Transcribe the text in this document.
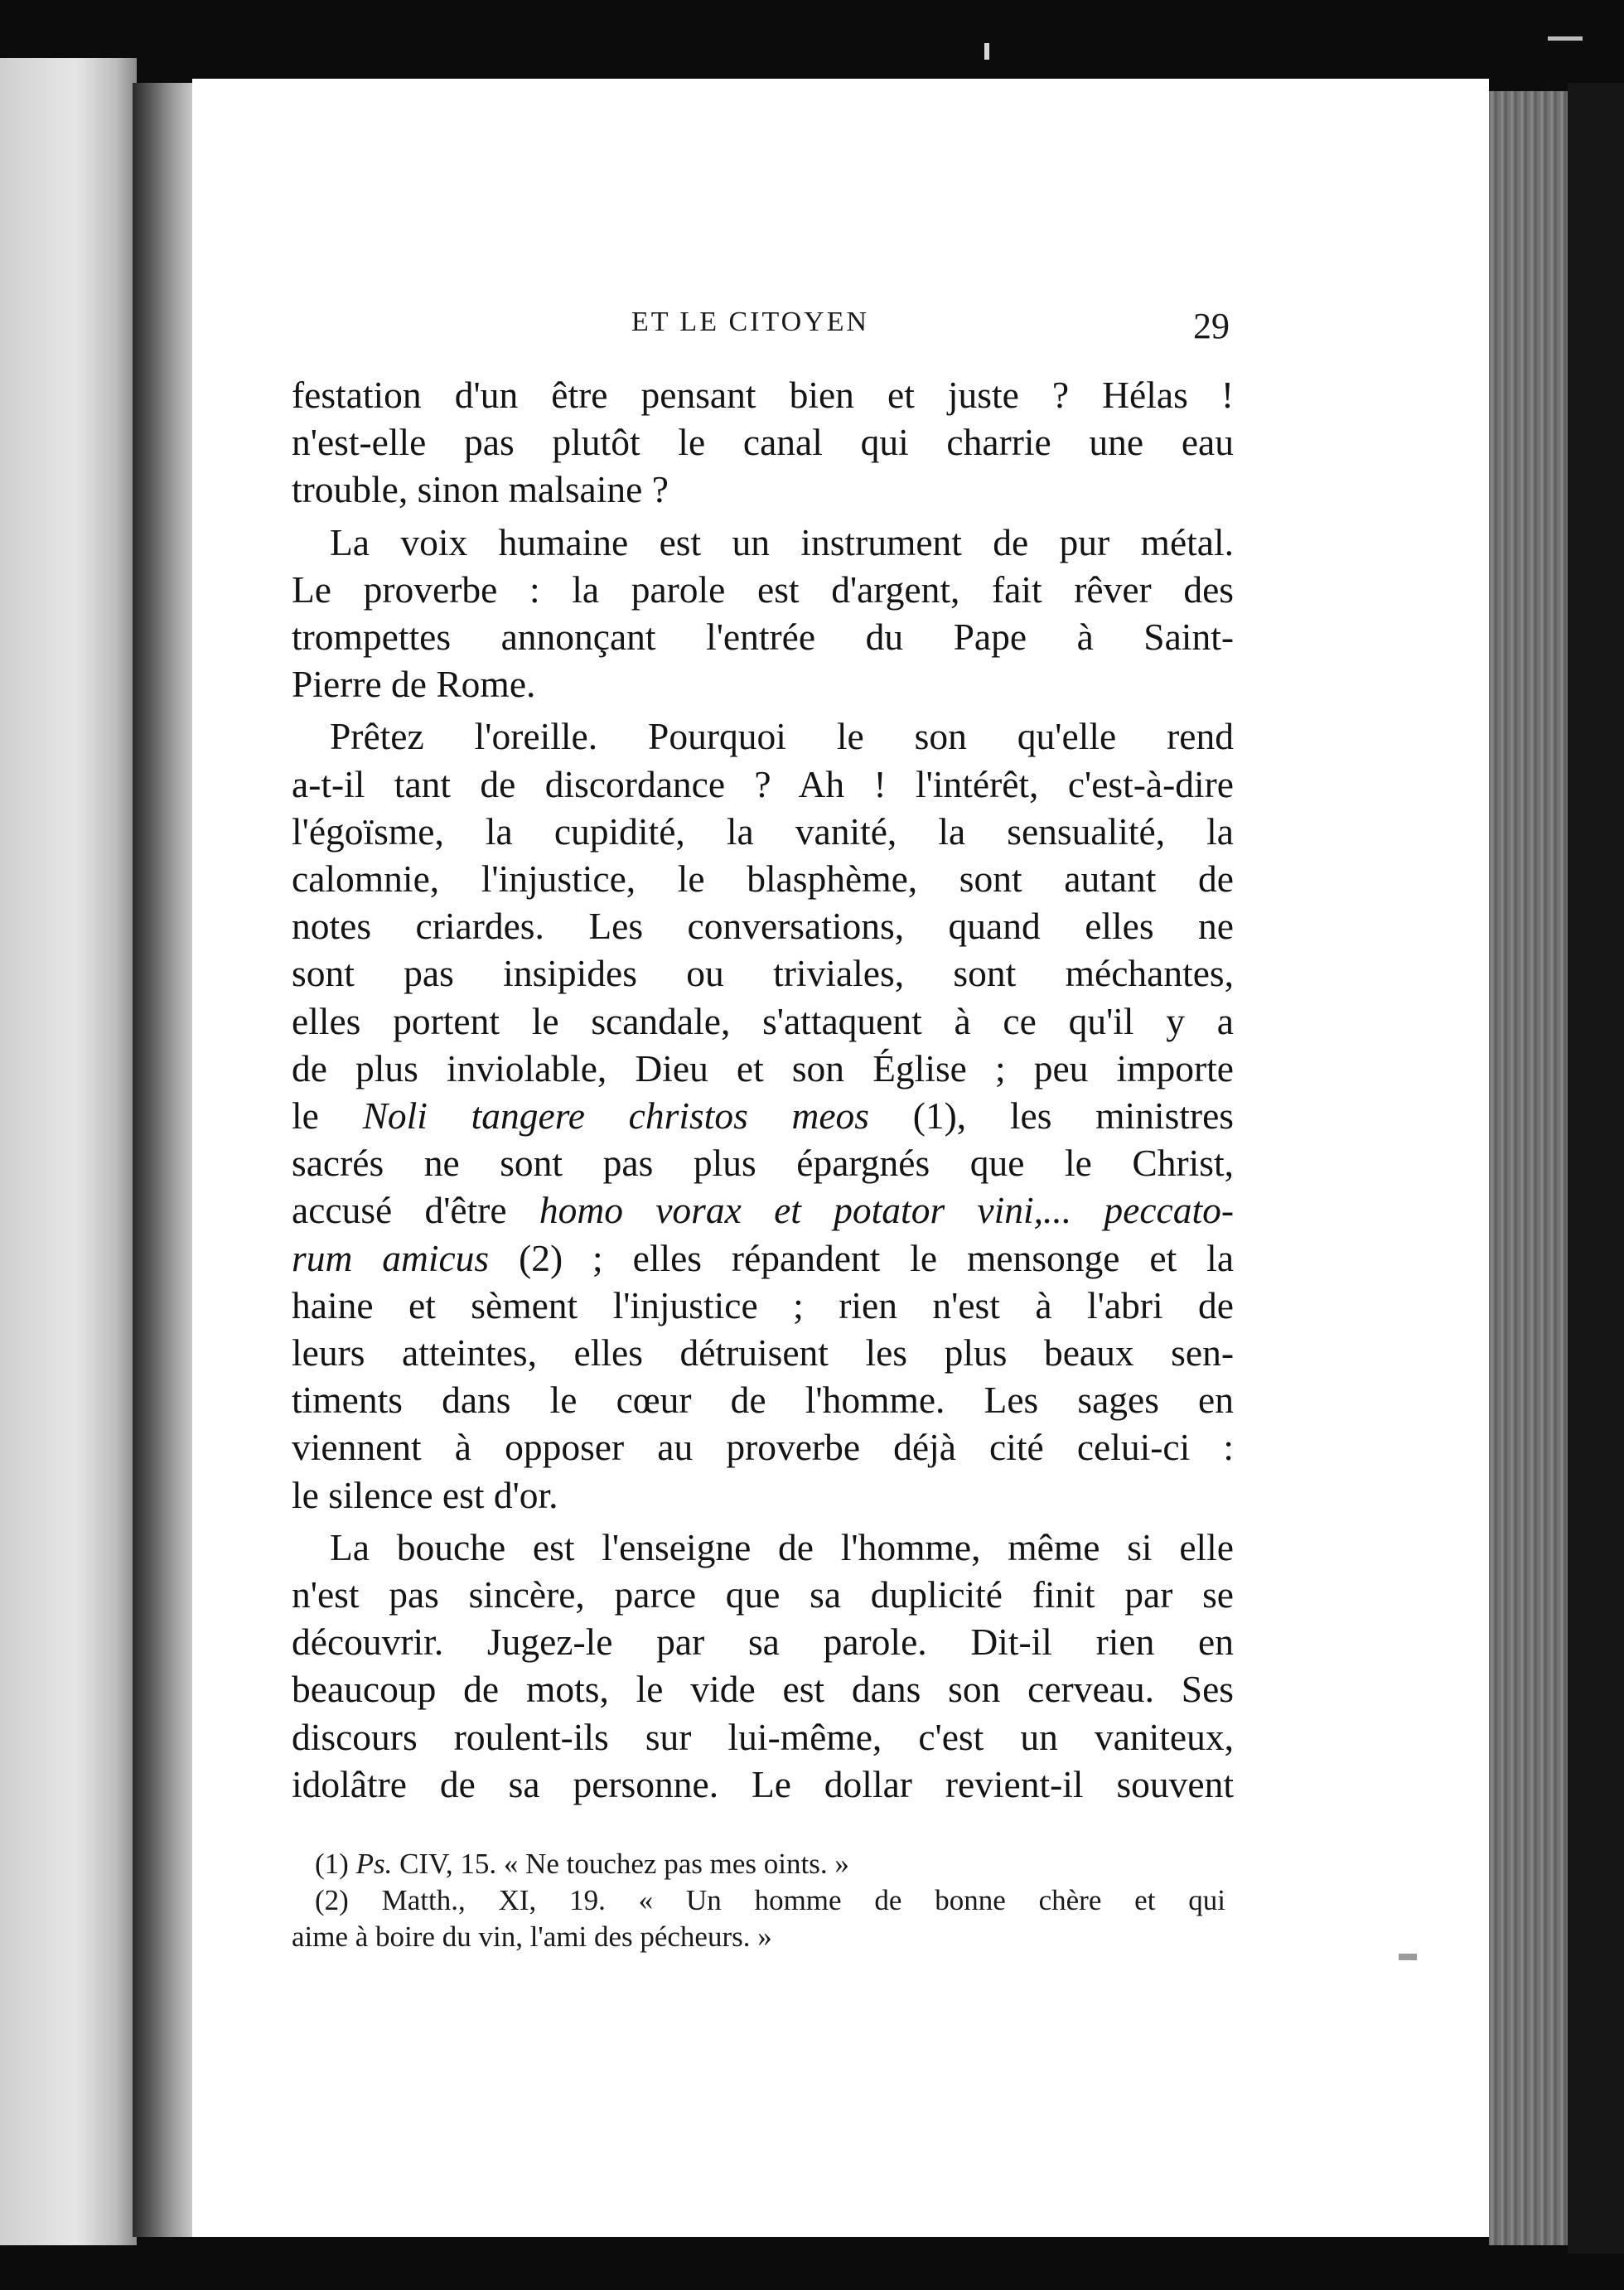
ET LE CITOYEN	29
festation d'un être pensant bien et juste ? Hélas !
n'est-elle pas plutôt le canal qui charrie une eau
trouble, sinon malsaine ?
La voix humaine est un instrument de pur métal.
Le proverbe : la parole est d'argent, fait rêver des
trompettes annonçant l'entrée du Pape à Saint-
Pierre de Rome.
Prêtez l'oreille. Pourquoi le son qu'elle rend
a-t-il tant de discordance ? Ah ! l'intérêt, c'est-à-dire
l'égoïsme, la cupidité, la vanité, la sensualité, la
calomnie, l'injustice, le blasphème, sont autant de
notes criardes. Les conversations, quand elles ne
sont pas insipides ou triviales, sont méchantes,
elles portent le scandale, s'attaquent à ce qu'il y a
de plus inviolable, Dieu et son Église ; peu importe
le Noli tangere christos meos (1), les ministres
sacrés ne sont pas plus épargnés que le Christ,
accusé d'être homo vorax et potator vini,... peccato-
rum amicus (2) ; elles répandent le mensonge et la
haine et sèment l'injustice ; rien n'est à l'abri de
leurs atteintes, elles détruisent les plus beaux sen-
timents dans le cœur de l'homme. Les sages en
viennent à opposer au proverbe déjà cité celui-ci :
le silence est d'or.
La bouche est l'enseigne de l'homme, même si elle
n'est pas sincère, parce que sa duplicité finit par se
découvrir. Jugez-le par sa parole. Dit-il rien en
beaucoup de mots, le vide est dans son cerveau. Ses
discours roulent-ils sur lui-même, c'est un vaniteux,
idolâtre de sa personne. Le dollar revient-il souvent
(1) Ps. CIV, 15. « Ne touchez pas mes oints. »
(2) Matth., XI, 19. « Un homme de bonne chère et qui
aime à boire du vin, l'ami des pécheurs. »
